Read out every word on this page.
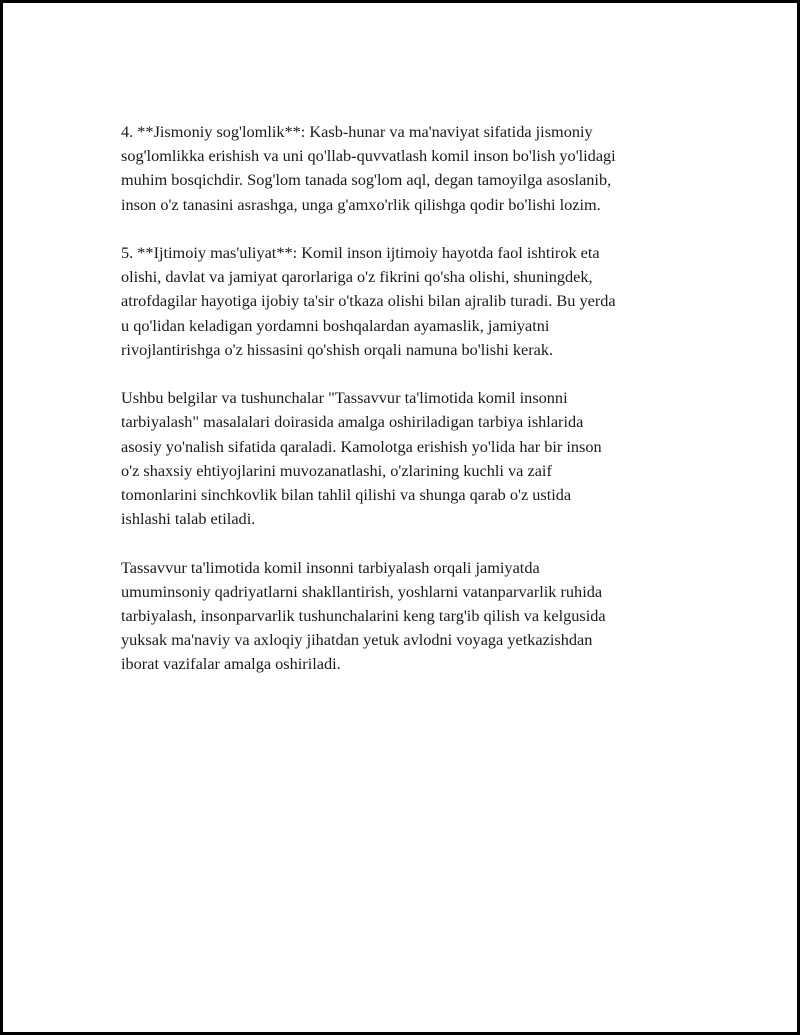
4. **Jismoniy sog'lomlik**: Kasb-hunar va ma'naviyat sifatida jismoniy
sog'lomlikka erishish va uni qo'llab-quvvatlash komil inson bo'lish yo'lidagi
muhim bosqichdir. Sog'lom tanada sog'lom aql, degan tamoyilga asoslanib,
inson o'z tanasini asrashga, unga g'amxo'rlik qilishga qodir bo'lishi lozim.

5. **Ijtimoiy mas'uliyat**: Komil inson ijtimoiy hayotda faol ishtirok eta
olishi, davlat va jamiyat qarorlariga o'z fikrini qo'sha olishi, shuningdek,
atrofdagilar hayotiga ijobiy ta'sir o'tkaza olishi bilan ajralib turadi. Bu yerda
u qo'lidan keladigan yordamni boshqalardan ayamaslik, jamiyatni
rivojlantirishga o'z hissasini qo'shish orqali namuna bo'lishi kerak.

Ushbu belgilar va tushunchalar "Tassavvur ta'limotida komil insonni
tarbiyalash" masalalari doirasida amalga oshiriladigan tarbiya ishlarida
asosiy yo'nalish sifatida qaraladi. Kamolotga erishish yo'lida har bir inson
o'z shaxsiy ehtiyojlarini muvozanatlashi, o'zlarining kuchli va zaif
tomonlarini sinchkovlik bilan tahlil qilishi va shunga qarab o'z ustida
ishlashi talab etiladi.

Tassavvur ta'limotida komil insonni tarbiyalash orqali jamiyatda
umuminsoniy qadriyatlarni shakllantirish, yoshlarni vatanparvarlik ruhida
tarbiyalash, insonparvarlik tushunchalarini keng targ'ib qilish va kelgusida
yuksak ma'naviy va axloqiy jihatdan yetuk avlodni voyaga yetkazishdan
iborat vazifalar amalga oshiriladi.
